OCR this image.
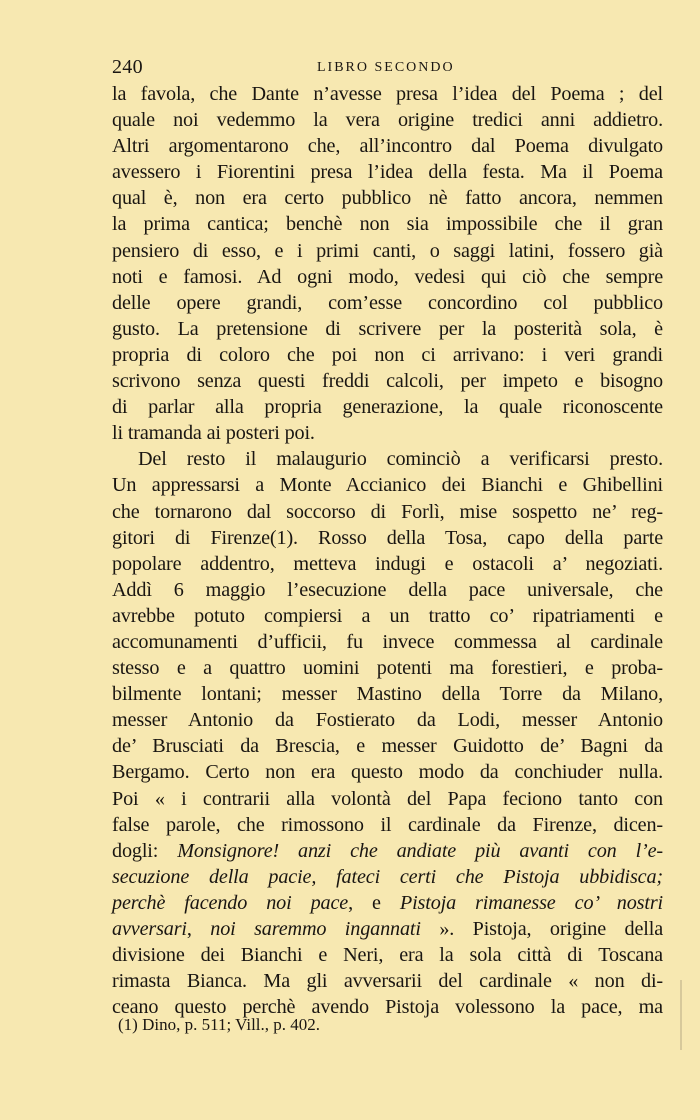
240	LIBRO SECONDO
la favola, che Dante n’avesse presa l’idea del Poema ; del
quale noi vedemmo la vera origine tredici anni addietro.
Altri argomentarono che, all’incontro dal Poema divulgato
avessero i Fiorentini presa l’idea della festa. Ma il Poema
qual è, non era certo pubblico nè fatto ancora, nemmen
la prima cantica; benchè non sia impossibile che il gran
pensiero di esso, e i primi canti, o saggi latini, fossero già
noti e famosi. Ad ogni modo, vedesi qui ciò che sempre
delle opere grandi, com’esse concordino col pubblico
gusto. La pretensione di scrivere per la posterità sola, è
propria di coloro che poi non ci arrivano: i veri grandi
scrivono senza questi freddi calcoli, per impeto e bisogno
di parlar alla propria generazione, la quale riconoscente
li tramanda ai posteri poi.
Del resto il malaugurio cominciò a verificarsi presto.
Un appressarsi a Monte Accianico dei Bianchi e Ghibellini
che tornarono dal soccorso di Forlì, mise sospetto ne’ reg-
gitori di Firenze(1). Rosso della Tosa, capo della parte
popolare addentro, metteva indugi e ostacoli a’ negoziati.
Addì 6 maggio l’esecuzione della pace universale, che
avrebbe potuto compiersi a un tratto co’ ripatriamenti e
accomunamenti d’ufficii, fu invece commessa al cardinale
stesso e a quattro uomini potenti ma forestieri, e proba-
bilmente lontani; messer Mastino della Torre da Milano,
messer Antonio da Fostierato da Lodi, messer Antonio
de’ Brusciati da Brescia, e messer Guidotto de’ Bagni da
Bergamo. Certo non era questo modo da conchiuder nulla.
Poi « i contrarii alla volontà del Papa feciono tanto con
false parole, che rimossono il cardinale da Firenze, dicen-
dogli: Monsignore! anzi che andiate più avanti con l’e-
secuzione della pacie, fateci certi che Pistoja ubbidisca;
perchè facendo noi pace, e Pistoja rimanesse co’ nostri
avversari, noi saremmo ingannati ». Pistoja, origine della
divisione dei Bianchi e Neri, era la sola città di Toscana
rimasta Bianca. Ma gli avversarii del cardinale « non di-
ceano questo perchè avendo Pistoja volessono la pace, ma
(1) Dino, p. 511; Vill., p. 402.
